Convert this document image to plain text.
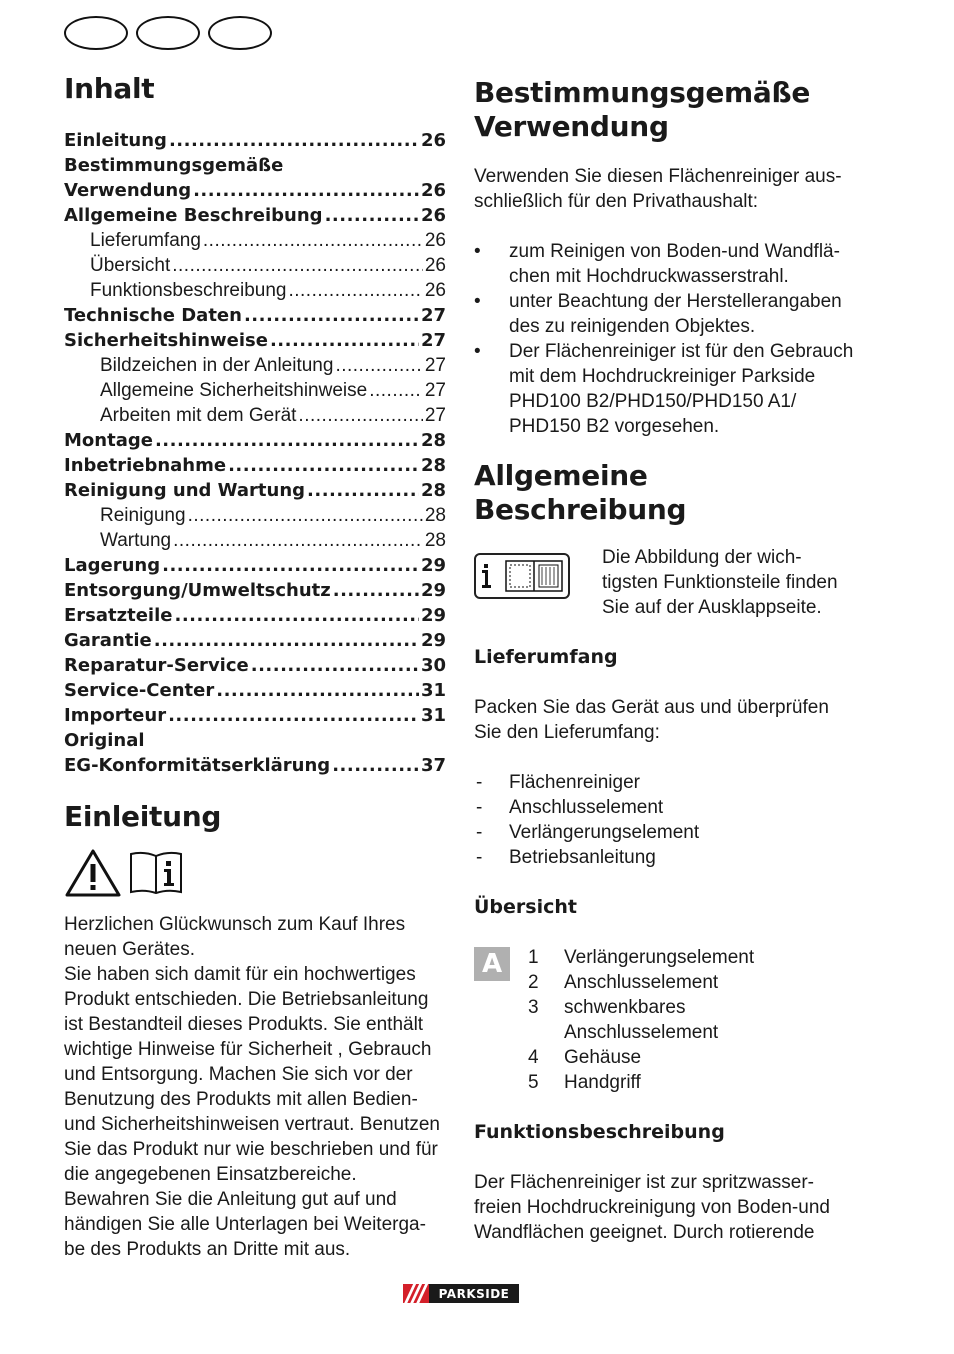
Inhalt
Einleitung .....	26
Bestimmungsgemäße
Verwendung .....	26
Allgemeine Beschreibung .....	26
Lieferumfang .....	26
Übersicht .....	26
Funktionsbeschreibung .....	26
Technische Daten .....	27
Sicherheitshinweise .....	27
Bildzeichen in der Anleitung .....	27
Allgemeine Sicherheitshinweise .....	27
Arbeiten mit dem Gerät .....	27
Montage .....	28
Inbetriebnahme .....	28
Reinigung und Wartung .....	28
Reinigung .....	28
Wartung .....	28
Lagerung .....	29
Entsorgung/Umweltschutz .....	29
Ersatzteile .....	29
Garantie .....	29
Reparatur-Service .....	30
Service-Center .....	31
Importeur .....	31
Original
EG-Konformitätserklärung .....	37
Einleitung

Herzlichen Glückwunsch zum Kauf Ihres

neuen Gerätes.

Sie haben sich damit für ein hochwertiges

Produkt entschieden. Die Betriebsanleitung

ist Bestandteil dieses Produkts. Sie enthält

wichtige Hinweise für Sicherheit , Gebrauch

und Entsorgung. Machen Sie sich vor der

Benutzung des Produkts mit allen Bedien-

und Sicherheitshinweisen vertraut. Benutzen

Sie das Produkt nur wie beschrieben und für

die angegebenen Einsatzbereiche.

Bewahren Sie die Anleitung gut auf und

händigen Sie alle Unterlagen bei Weiterga-

be des Produkts an Dritte mit aus.

Bestimmungsgemäße
Verwendung

Verwenden Sie diesen Flächenreiniger aus-

schließlich für den Privathaushalt:

• zum Reinigen von Boden-und Wandflä-
chen mit Hochdruckwasserstrahl.
• unter Beachtung der Herstellerangaben
des zu reinigenden Objektes.
• Der Flächenreiniger ist für den Gebrauch
mit dem Hochdruckreiniger Parkside
PHD100 B2/PHD150/PHD150 A1/
PHD150 B2 vorgesehen.
Allgemeine
Beschreibung

Die Abbildung der wich-

tigsten Funktionsteile finden

Sie auf der Ausklappseite.

Lieferumfang

Packen Sie das Gerät aus und überprüfen

Sie den Lieferumfang:

- Flächenreiniger
- Anschlusselement
- Verlängerungselement
- Betriebsanleitung
Übersicht
A	1	Verlängerungselement
2	Anschlusselement
3	schwenkbares
Anschlusselement
4	Gehäuse
5	Handgriff
Funktionsbeschreibung

Der Flächenreiniger ist zur spritzwasser-

freien Hochdruckreinigung von Boden-und

Wandflächen geeignet. Durch rotierende

PARKSIDE
